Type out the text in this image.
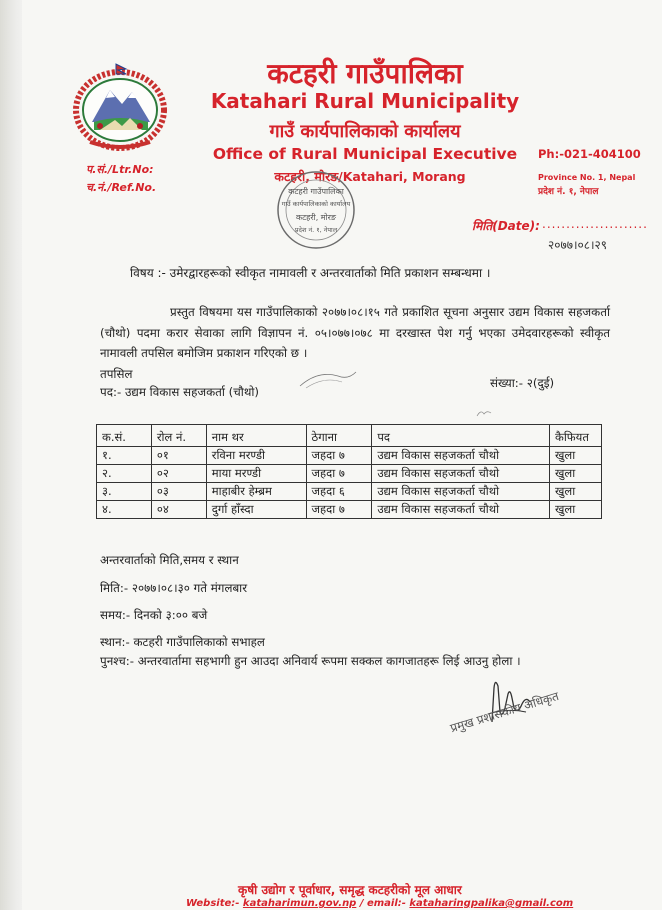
कटहरी गाउँपालिका
Katahari Rural Municipality
गाउँ कार्यपालिकाको कार्यालय
Office of Rural Municipal Executive
कटहरी, मोरङ/Katahari, Morang
प.सं./Ltr.No:
च.नं./Ref.No.
Ph:-021-404100
Province No. 1, Nepal
प्रदेश नं. १, नेपाल
कटहरी गाउँपालिका
गाउँ कार्यपालिकाको कार्यालय
कटहरी, मोरङ
प्रदेश नं. १, नेपाल	मिति(Date): ......................
२०७७।०८।२९
विषय :- उमेरद्वारहरूको स्वीकृत नामावली र अन्तरवार्ताको मिति प्रकाशन सम्बन्धमा ।

प्रस्तुत विषयमा यस गाउँपालिकाको २०७७।०८।१५ गते प्रकाशित सूचना अनुसार उद्यम विकास सहजकर्ता (चौथो) पदमा करार सेवाका लागि विज्ञापन नं. ०५।०७७।०७८ मा दरखास्त पेश गर्नु भएका उमेदवारहरूको स्वीकृत नामावली तपसिल बमोजिम प्रकाशन गरिएको छ ।

तपसिल
पद:- उद्यम विकास सहजकर्ता (चौथो)
संख्या:- २(दुई)
क.सं.	रोल नं.	नाम थर	ठेगाना	पद	कैफियत
१.	०१	रविना मरण्डी	जहदा ७	उद्यम विकास सहजकर्ता चौथो	खुला
२.	०२	माया मरण्डी	जहदा ७	उद्यम विकास सहजकर्ता चौथो	खुला
३.	०३	माहाबीर हेम्ब्रम	जहदा ६	उद्यम विकास सहजकर्ता चौथो	खुला
४.	०४	दुर्गा हाँस्दा	जहदा ७	उद्यम विकास सहजकर्ता चौथो	खुला
अन्तरवार्ताको मिति,समय र स्थान
मिति:- २०७७।०८।३० गते मंगलबार
समय:- दिनको ३:०० बजे
स्थान:- कटहरी गाउँपालिकाको सभाहल
पुनश्च:- अन्तरवार्तामा सहभागी हुन आउदा अनिवार्य रूपमा सक्कल कागजातहरू लिई आउनु होला ।
प्रमुख प्रशासकीय अधिकृत
कृषी उद्योग र पूर्वाधार, समृद्ध कटहरीको मूल आधार
Website:- kataharimun.gov.np / email:- kataharingpalika@gmail.com
